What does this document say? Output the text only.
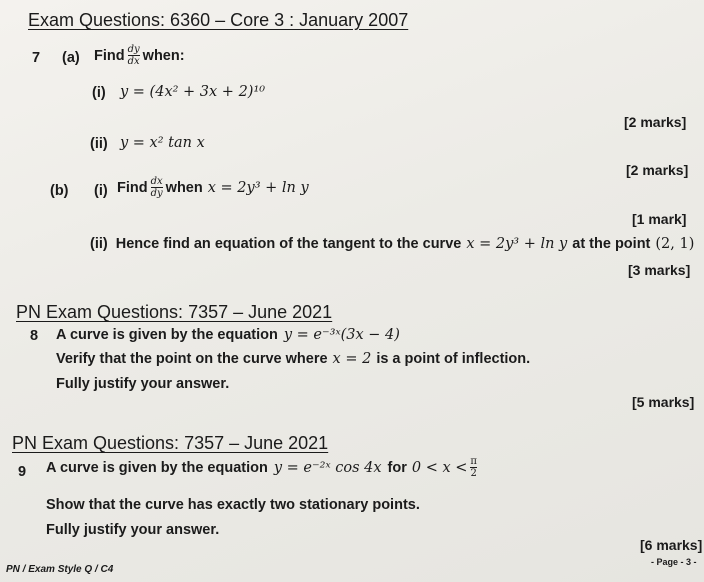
Exam Questions: 6360 – Core 3 : January 2007
7 (a) Find $\frac{dy}{dx}$ when:
(i) y = (4x² + 3x + 2)¹⁰
[2 marks]
(ii) y = x² tan x
[2 marks]
(b) (i) Find $\frac{dx}{dy}$ when x = 2y³ + ln y
[1 mark]
(ii) Hence find an equation of the tangent to the curve x = 2y³ + ln y at the point (2, 1)
[3 marks]
PN Exam Questions: 7357 – June 2021
8 A curve is given by the equation y = e⁻³ˣ(3x − 4)
Verify that the point on the curve where x = 2 is a point of inflection.
Fully justify your answer.
[5 marks]
PN Exam Questions: 7357 – June 2021
9 A curve is given by the equation y = e⁻²ˣ cos 4x for $0 < x < \frac{\pi}{2}$
Show that the curve has exactly two stationary points.
Fully justify your answer.
[6 marks]
PN / Exam Style Q / C4
- Page - 3 -
